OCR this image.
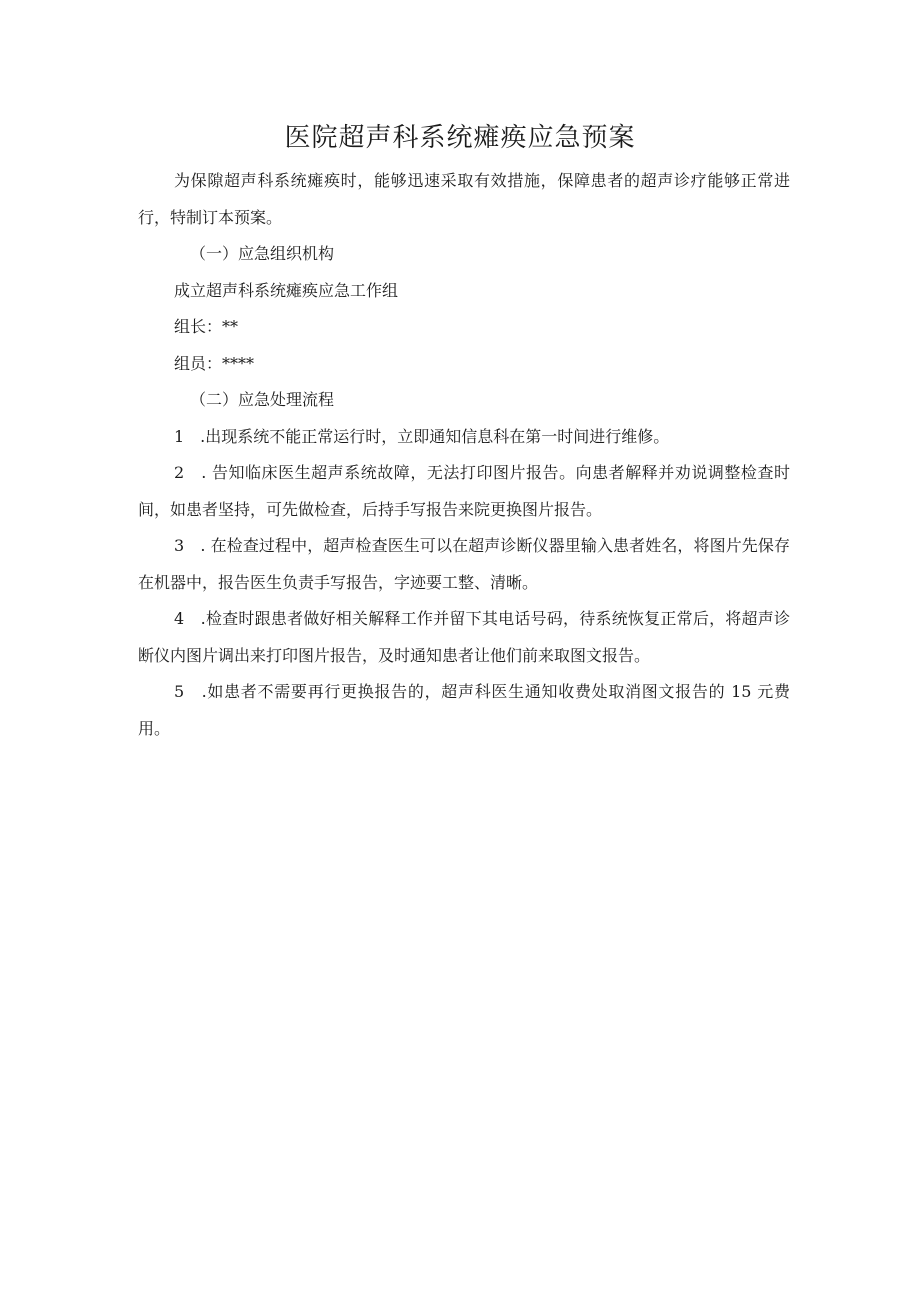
医院超声科系统瘫痪应急预案

为保隙超声科系统瘫痪时，能够迅速采取有效措施，保障患者的超声诊疗能够正常进行，特制订本预案。

（一）应急组织机构

成立超声科系统瘫痪应急工作组

组长：**

组员：****

（二）应急处理流程

1　.出现系统不能正常运行时，立即通知信息科在第一时间进行维修。

2　. 告知临床医生超声系统故障，无法打印图片报告。向患者解释并劝说调整检查时间，如患者坚持，可先做检查，后持手写报告来院更换图片报告。

3　. 在检查过程中，超声检查医生可以在超声诊断仪器里输入患者姓名，将图片先保存在机器中，报告医生负责手写报告，字迹要工整、清晰。

4　.检查时跟患者做好相关解释工作并留下其电话号码，待系统恢复正常后，将超声诊断仪内图片调出来打印图片报告，及时通知患者让他们前来取图文报告。

5　.如患者不需要再行更换报告的，超声科医生通知收费处取消图文报告的 15 元费用。
